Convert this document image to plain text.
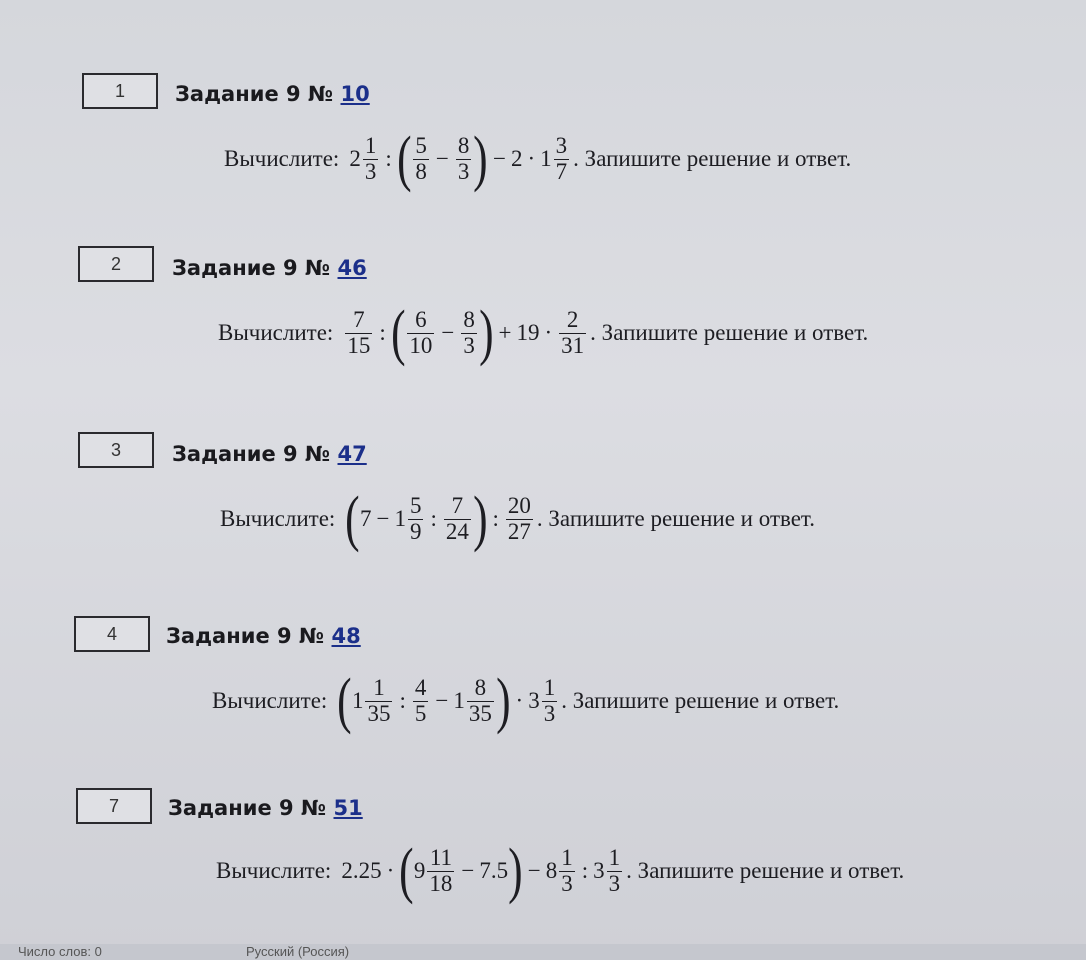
1 Задание 9 № 10
Вычислите: $2 \frac{1}{3}$ : ( $\frac{5}{8} - \frac{8}{3}$ ) − $2 \cdot 1 \frac{3}{7}$ . Запишите решение и ответ.
2 Задание 9 № 46
Вычислите: $\frac{7}{15}$ : ( $\frac{6}{10} - \frac{8}{3}$ ) + $19 \cdot \frac{2}{31}$ . Запишите решение и ответ.
3 Задание 9 № 47
Вычислите: ( $7 - 1 \frac{5}{9}$ : $\frac{7}{24}$ ) : $\frac{20}{27}$ . Запишите решение и ответ.
4 Задание 9 № 48
Вычислите: ( $1 \frac{1}{35}$ : $\frac{4}{5} - 1 \frac{8}{35}$ ) · $3 \frac{1}{3}$ . Запишите решение и ответ.
7 Задание 9 № 51
Вычислите: 2.25 · ( $9 \frac{11}{18} - 7.5$ ) − $8 \frac{1}{3}$ : $3 \frac{1}{3}$ . Запишите решение и ответ.
Число слов: 0	Русский (Россия)
